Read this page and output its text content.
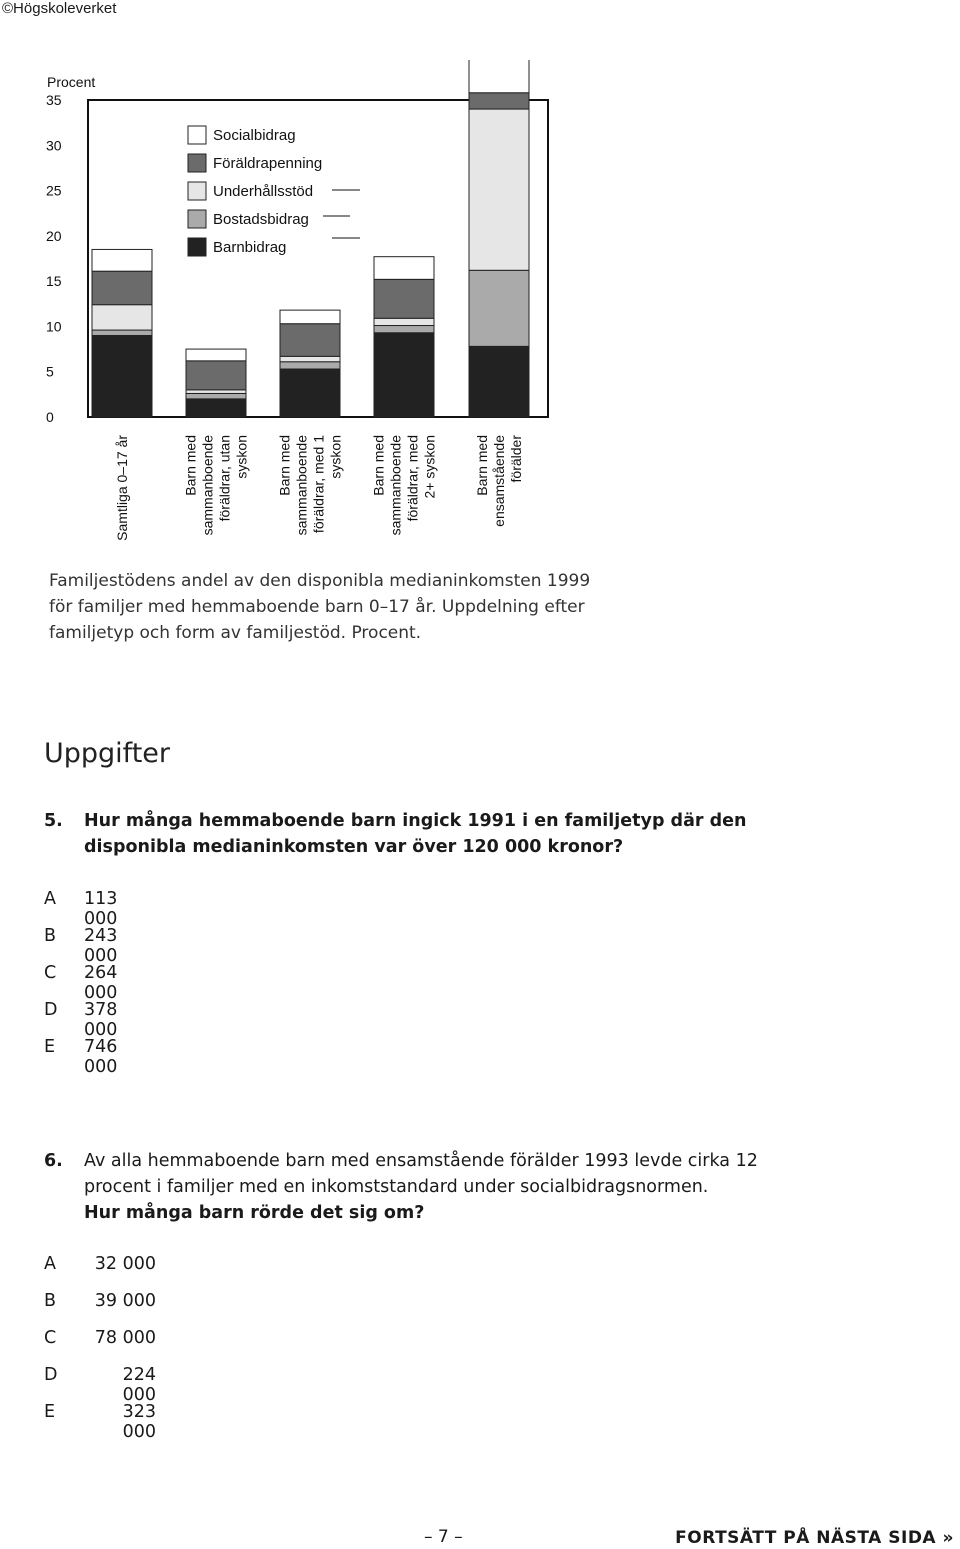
©Högskoleverket
Procent
0
5
10
15
20
25
30
35
Samtliga 0–17 år	Barn med sammanboende föräldrar, utan syskon Barn med sammanboende föräldrar, med 1 syskon Barn med sammanboende föräldrar, med 2+ syskon	Barn med ensamstående förälder
Socialbidrag
Föräldrapenning
Underhållsstöd
Bostadsbidrag
Barnbidrag
Familjestödens andel av den disponibla medianinkomsten 1999 för familjer med hemmaboende barn 0–17 år. Uppdelning efter familjetyp och form av familjestöd. Procent.
Uppgifter
5. Hur många hemmaboende barn ingick 1991 i en familjetyp där den disponibla medianinkomsten var över 120 000 kronor?
A 113 000
B 243 000
C 264 000
D 378 000
E 746 000
6. Av alla hemmaboende barn med ensamstående förälder 1993 levde cirka 12 procent i familjer med en inkomststandard under socialbidragsnormen.
Hur många barn rörde det sig om?
A	32 000
B	39 000
C	78 000
D	224 000
E	323 000
– 7 –	FORTSÄTT PÅ NÄSTA SIDA »
